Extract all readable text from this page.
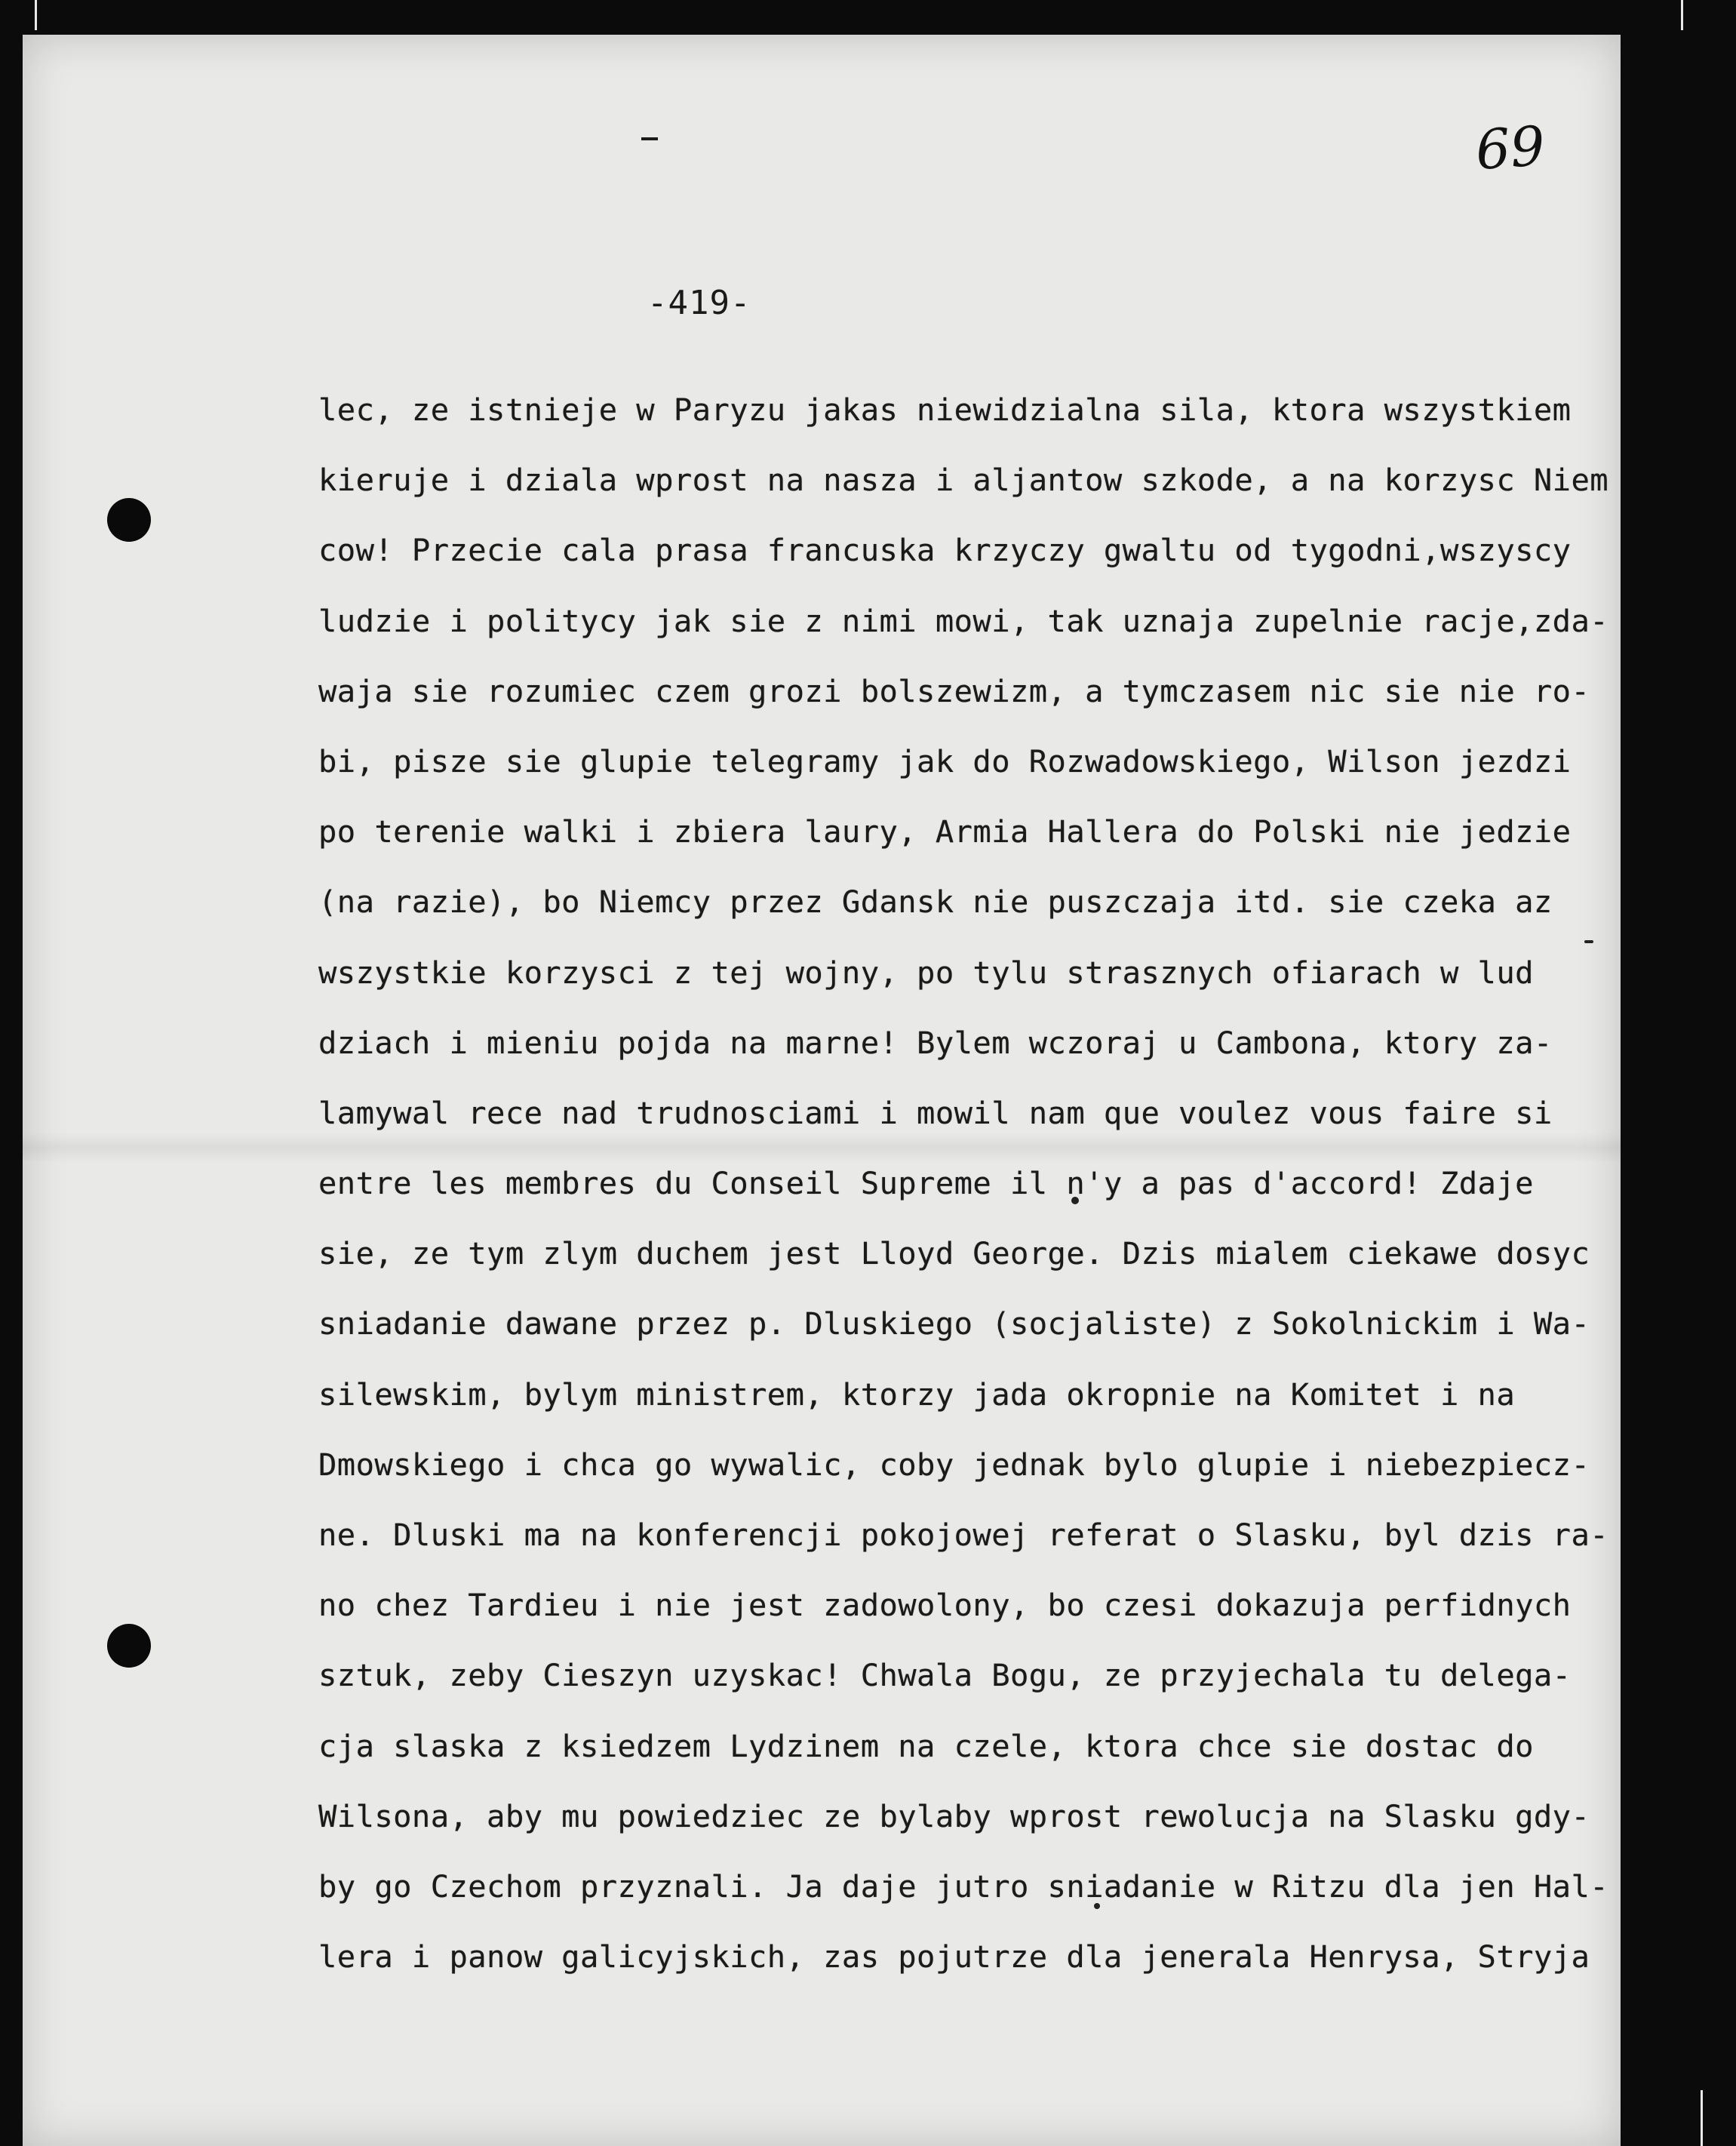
69
-419-
lec, ze istnieje w Paryzu jakas niewidzialna sila, ktora wszystkiem
kieruje i dziala wprost na nasza i aljantow szkode, a na korzysc Niem
cow! Przecie cala prasa francuska krzyczy gwaltu od tygodni,wszyscy
ludzie i politycy jak sie z nimi mowi, tak uznaja zupelnie racje,zda-
waja sie rozumiec czem grozi bolszewizm, a tymczasem nic sie nie ro-
bi, pisze sie glupie telegramy jak do Rozwadowskiego, Wilson jezdzi
po terenie walki i zbiera laury, Armia Hallera do Polski nie jedzie
(na razie), bo Niemcy przez Gdansk nie puszczaja itd. sie czeka az
wszystkie korzysci z tej wojny, po tylu strasznych ofiarach w lud
dziach i mieniu pojda na marne! Bylem wczoraj u Cambona, ktory za-
lamywal rece nad trudnosciami i mowil nam que voulez vous faire si
entre les membres du Conseil Supreme il n'y a pas d'accord! Zdaje
sie, ze tym zlym duchem jest Lloyd George. Dzis mialem ciekawe dosyc
sniadanie dawane przez p. Dluskiego (socjaliste) z Sokolnickim i Wa-
silewskim, bylym ministrem, ktorzy jada okropnie na Komitet i na
Dmowskiego i chca go wywalic, coby jednak bylo glupie i niebezpiecz-
ne. Dluski ma na konferencji pokojowej referat o Slasku, byl dzis ra-
no chez Tardieu i nie jest zadowolony, bo czesi dokazuja perfidnych
sztuk, zeby Cieszyn uzyskac! Chwala Bogu, ze przyjechala tu delega-
cja slaska z ksiedzem Lydzinem na czele, ktora chce sie dostac do
Wilsona, aby mu powiedziec ze bylaby wprost rewolucja na Slasku gdy-
by go Czechom przyznali. Ja daje jutro sniadanie w Ritzu dla jen Hal-
lera i panow galicyjskich, zas pojutrze dla jenerala Henrysa, Stryja
